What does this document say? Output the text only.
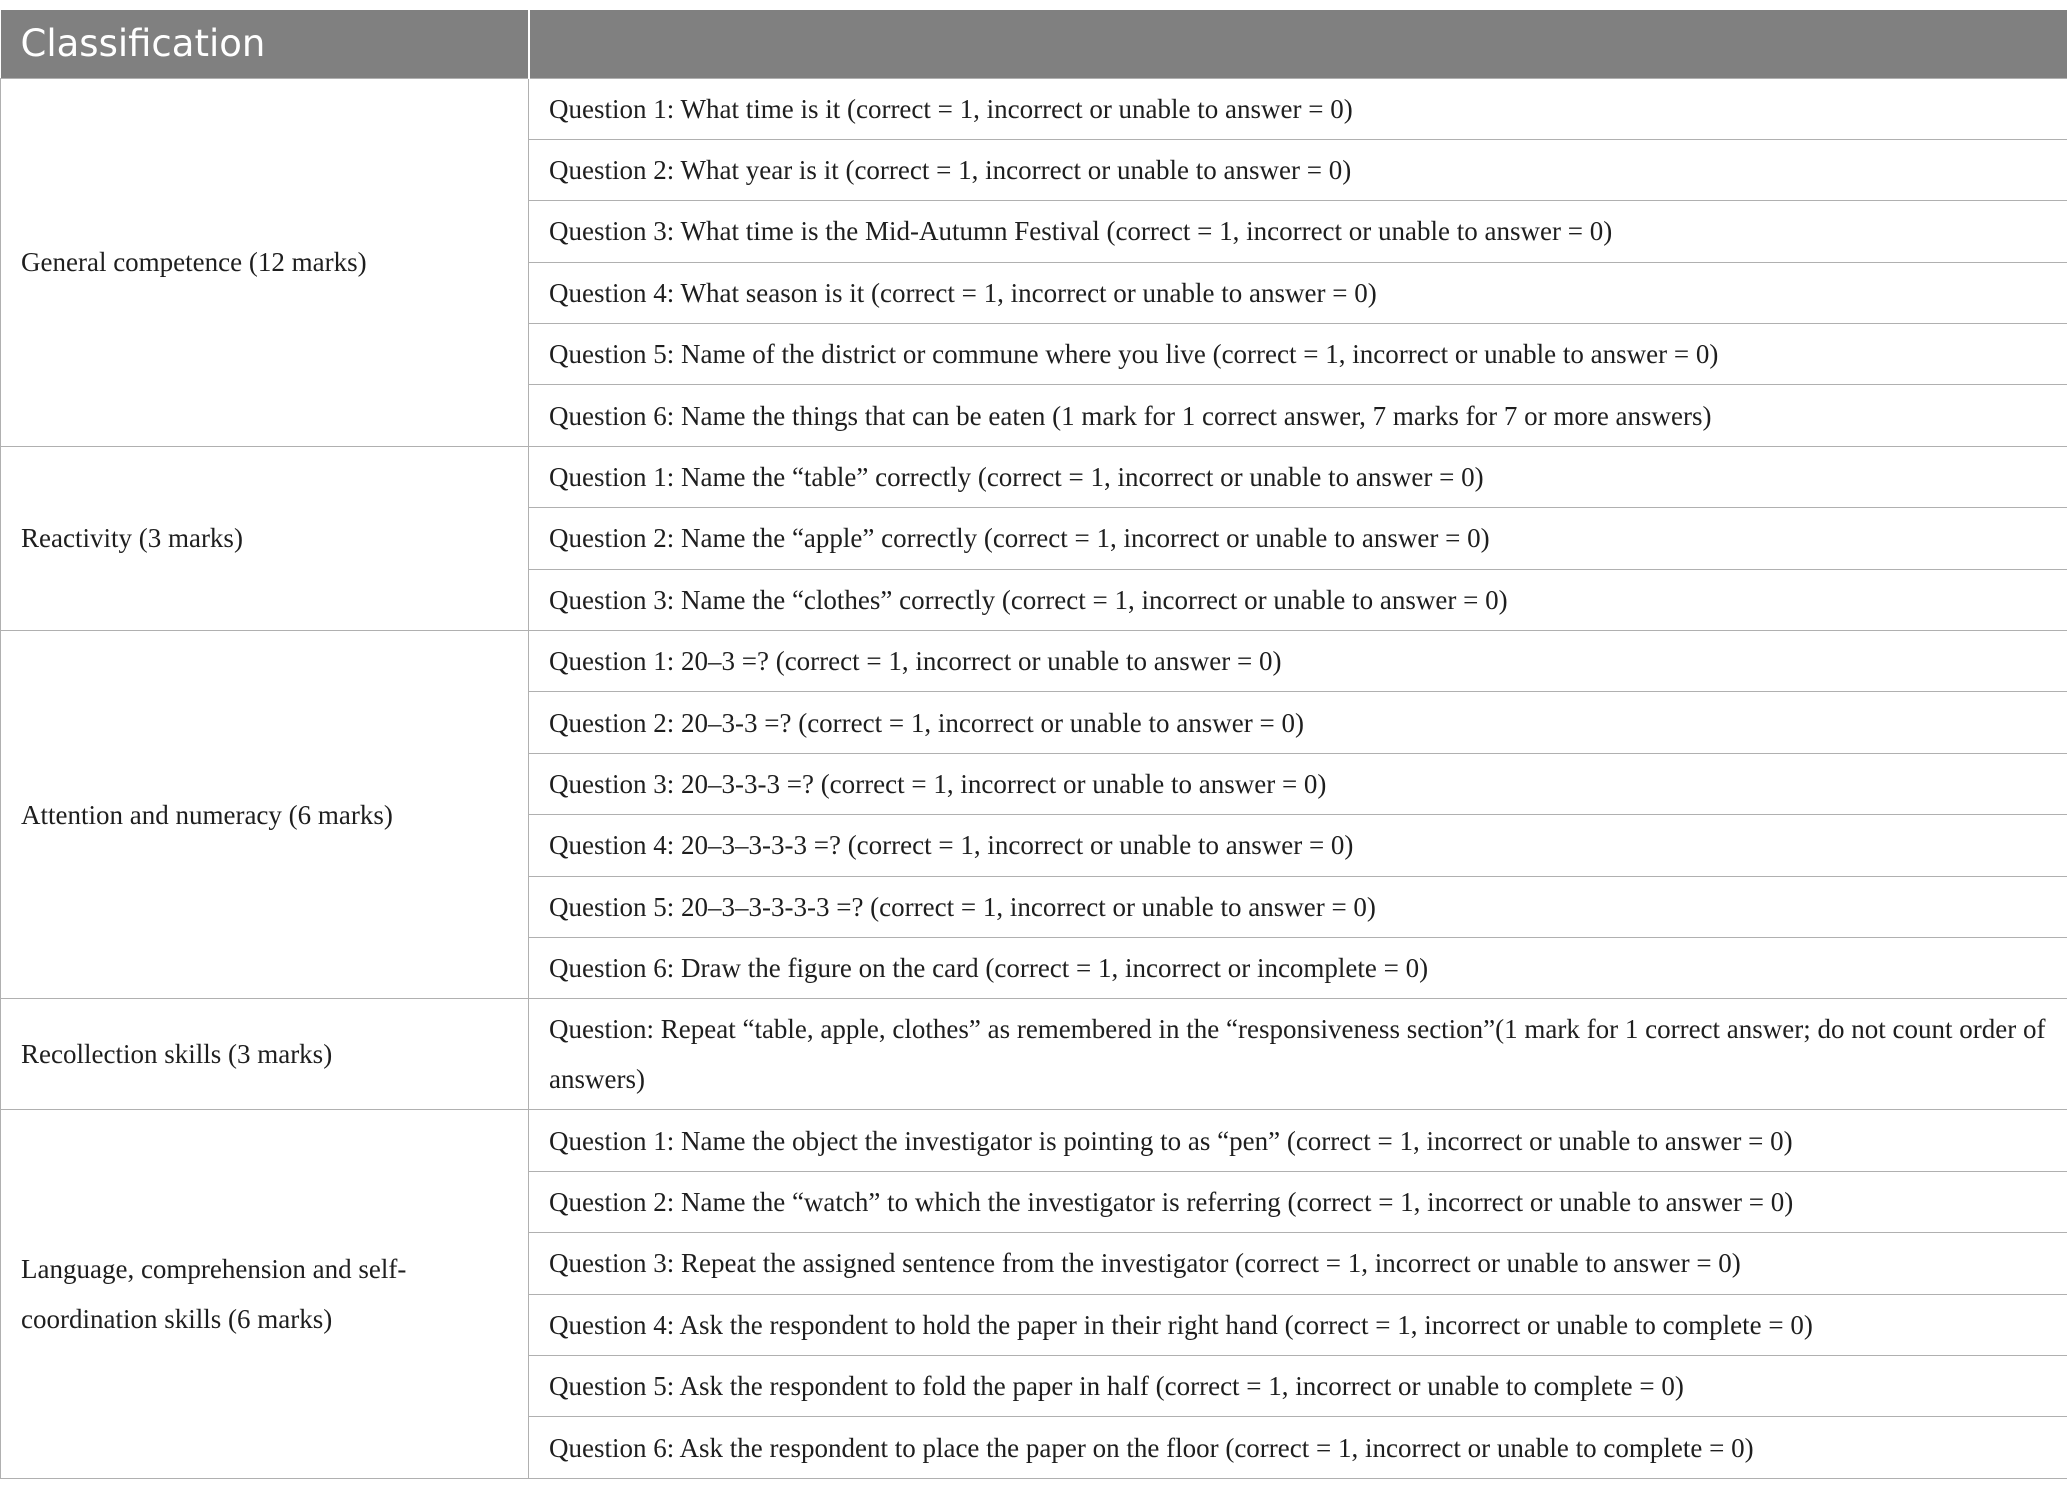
Classification	
General competence (12 marks)	Question 1: What time is it (correct = 1, incorrect or unable to answer = 0)
	Question 2: What year is it (correct = 1, incorrect or unable to answer = 0)
	Question 3: What time is the Mid-Autumn Festival (correct = 1, incorrect or unable to answer = 0)
	Question 4: What season is it (correct = 1, incorrect or unable to answer = 0)
	Question 5: Name of the district or commune where you live (correct = 1, incorrect or unable to answer = 0)
	Question 6: Name the things that can be eaten (1 mark for 1 correct answer, 7 marks for 7 or more answers)
Reactivity (3 marks)	Question 1: Name the “table” correctly (correct = 1, incorrect or unable to answer = 0)
	Question 2: Name the “apple” correctly (correct = 1, incorrect or unable to answer = 0)
	Question 3: Name the “clothes” correctly (correct = 1, incorrect or unable to answer = 0)
Attention and numeracy (6 marks)	Question 1: 20–3 =? (correct = 1, incorrect or unable to answer = 0)
	Question 2: 20–3-3 =? (correct = 1, incorrect or unable to answer = 0)
	Question 3: 20–3-3-3 =? (correct = 1, incorrect or unable to answer = 0)
	Question 4: 20–3–3-3-3 =? (correct = 1, incorrect or unable to answer = 0)
	Question 5: 20–3–3-3-3-3 =? (correct = 1, incorrect or unable to answer = 0)
	Question 6: Draw the figure on the card (correct = 1, incorrect or incomplete = 0)
Recollection skills (3 marks)	Question: Repeat “table, apple, clothes” as remembered in the “responsiveness section”(1 mark for 1 correct answer; do not count order of answers)
Language, comprehension and self-coordination skills (6 marks)	Question 1: Name the object the investigator is pointing to as “pen” (correct = 1, incorrect or unable to answer = 0)
	Question 2: Name the “watch” to which the investigator is referring (correct = 1, incorrect or unable to answer = 0)
	Question 3: Repeat the assigned sentence from the investigator (correct = 1, incorrect or unable to answer = 0)
	Question 4: Ask the respondent to hold the paper in their right hand (correct = 1, incorrect or unable to complete = 0)
	Question 5: Ask the respondent to fold the paper in half (correct = 1, incorrect or unable to complete = 0)
	Question 6: Ask the respondent to place the paper on the floor (correct = 1, incorrect or unable to complete = 0)
